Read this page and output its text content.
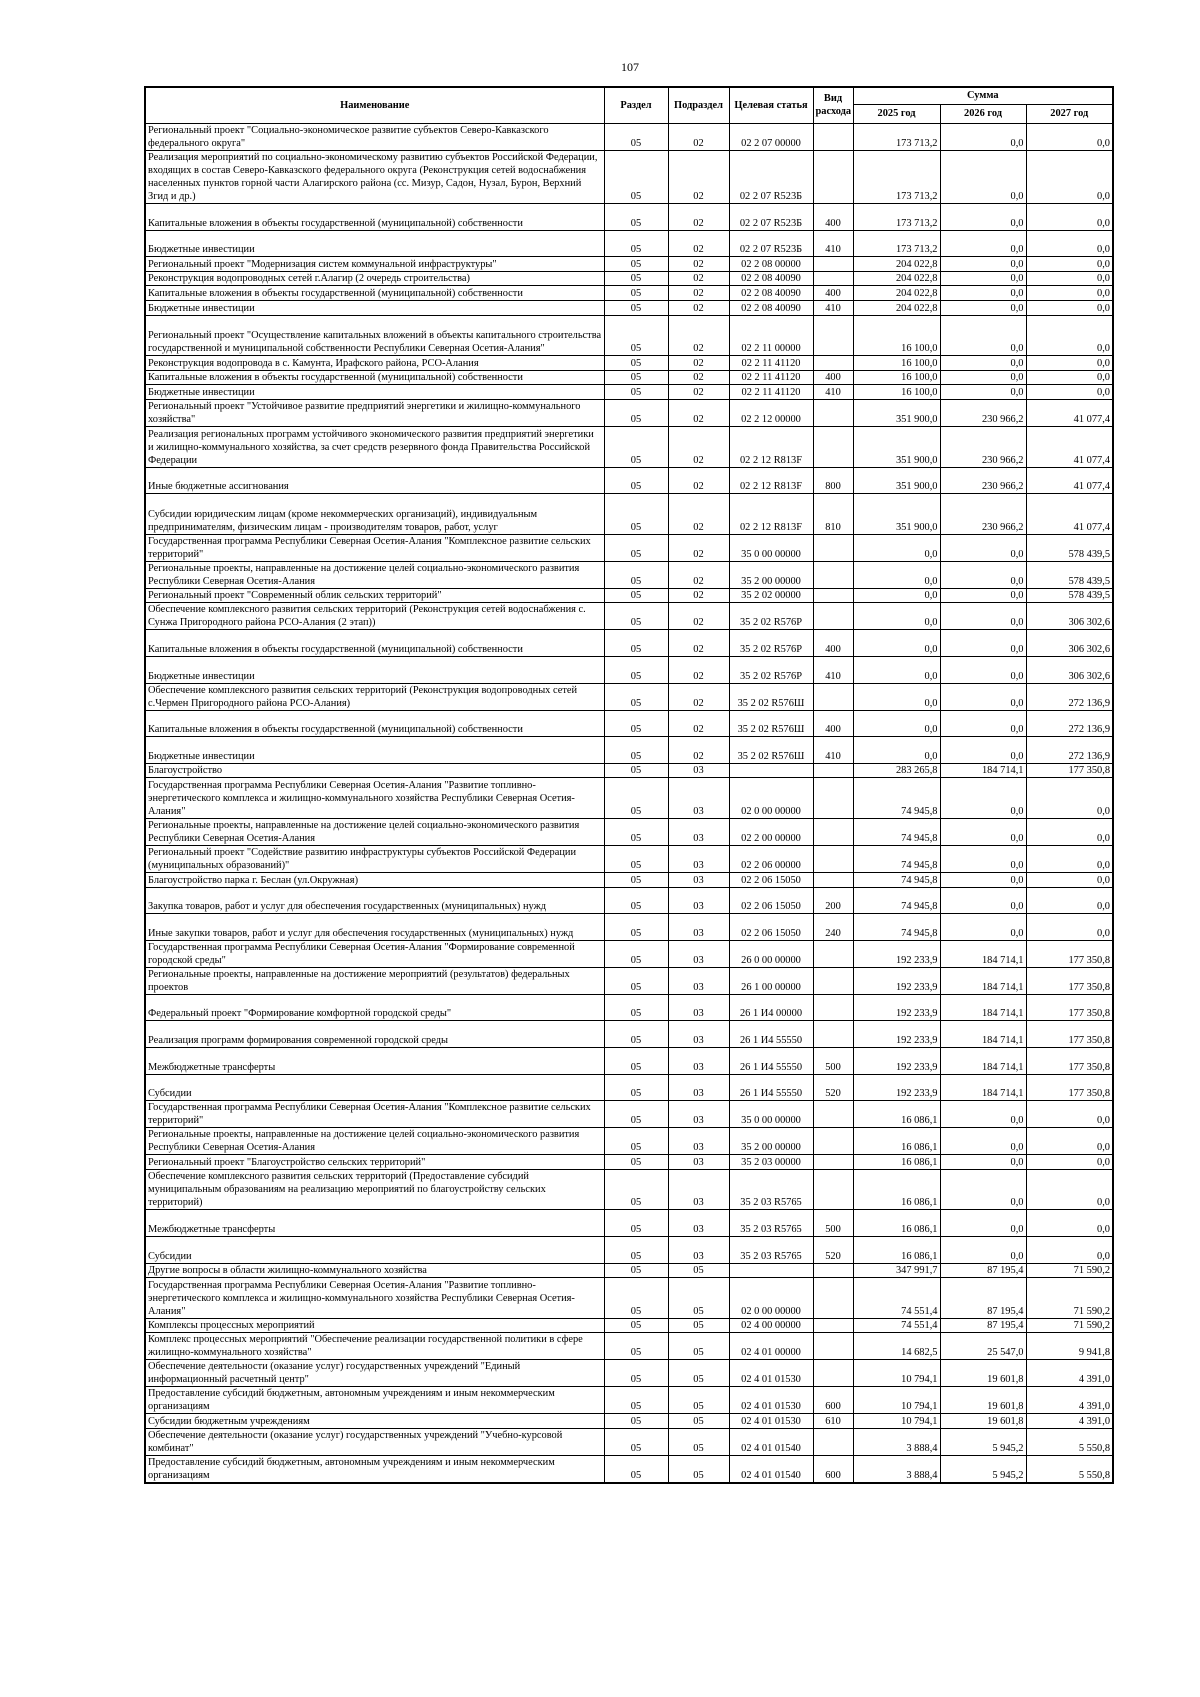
107
Наименование	Раздел	Подраздел	Целевая статья	Вид расхода	Сумма		
					2025 год	2026 год	2027 год
Региональный проект "Социально-экономическое развитие субъектов Северо-Кавказского федерального округа"	05	02	02 2 07 00000		173 713,2	0,0	0,0
Реализация мероприятий по социально-экономическому развитию субъектов Российской Федерации, входящих в состав Северо-Кавказского федерального округа (Реконструкция сетей водоснабжения населенных пунктов горной части Алагирского района (сс. Мизур, Садон, Нузал, Бурон, Верхний Згид и др.)	05	02	02 2 07 R523Б		173 713,2	0,0	0,0
Капитальные вложения в объекты государственной (муниципальной) собственности	05	02	02 2 07 R523Б	400	173 713,2	0,0	0,0
Бюджетные инвестиции	05	02	02 2 07 R523Б	410	173 713,2	0,0	0,0
Региональный проект "Модернизация систем коммунальной инфраструктуры"	05	02	02 2 08 00000		204 022,8	0,0	0,0
Реконструкция водопроводных сетей г.Алагир (2 очередь строительства)	05	02	02 2 08 40090		204 022,8	0,0	0,0
Капитальные вложения в объекты государственной (муниципальной) собственности	05	02	02 2 08 40090	400	204 022,8	0,0	0,0
Бюджетные инвестиции	05	02	02 2 08 40090	410	204 022,8	0,0	0,0
Региональный проект "Осуществление капитальных вложений в объекты капитального строительства государственной и муниципальной собственности Республики Северная Осетия-Алания"	05	02	02 2 11 00000		16 100,0	0,0	0,0
Реконструкция водопровода в с. Камунта, Ирафского района, РСО-Алания	05	02	02 2 11 41120		16 100,0	0,0	0,0
Капитальные вложения в объекты государственной (муниципальной) собственности	05	02	02 2 11 41120	400	16 100,0	0,0	0,0
Бюджетные инвестиции	05	02	02 2 11 41120	410	16 100,0	0,0	0,0
Региональный проект "Устойчивое развитие предприятий энергетики и жилищно-коммунального хозяйства"	05	02	02 2 12 00000		351 900,0	230 966,2	41 077,4
Реализация региональных программ устойчивого экономического развития предприятий энергетики и жилищно-коммунального хозяйства, за счет средств резервного фонда Правительства Российской Федерации	05	02	02 2 12 R813F		351 900,0	230 966,2	41 077,4
Иные бюджетные ассигнования	05	02	02 2 12 R813F	800	351 900,0	230 966,2	41 077,4
Субсидии юридическим лицам (кроме некоммерческих организаций), индивидуальным предпринимателям, физическим лицам - производителям товаров, работ, услуг	05	02	02 2 12 R813F	810	351 900,0	230 966,2	41 077,4
Государственная программа Республики Северная Осетия-Алания "Комплексное развитие сельских территорий"	05	02	35 0 00 00000		0,0	0,0	578 439,5
Региональные проекты, направленные на достижение целей социально-экономического развития Республики Северная Осетия-Алания	05	02	35 2 00 00000		0,0	0,0	578 439,5
Региональный проект "Современный облик сельских территорий"	05	02	35 2 02 00000		0,0	0,0	578 439,5
Обеспечение комплексного развития сельских территорий (Реконструкция сетей водоснабжения с. Сунжа Пригородного района РСО-Алания (2 этап))	05	02	35 2 02 R576P		0,0	0,0	306 302,6
Капитальные вложения в объекты государственной (муниципальной) собственности	05	02	35 2 02 R576P	400	0,0	0,0	306 302,6
Бюджетные инвестиции	05	02	35 2 02 R576P	410	0,0	0,0	306 302,6
Обеспечение комплексного развития сельских территорий (Реконструкция водопроводных сетей с.Чермен Пригородного района РСО-Алания)	05	02	35 2 02 R576Ш		0,0	0,0	272 136,9
Капитальные вложения в объекты государственной (муниципальной) собственности	05	02	35 2 02 R576Ш	400	0,0	0,0	272 136,9
Бюджетные инвестиции	05	02	35 2 02 R576Ш	410	0,0	0,0	272 136,9
Благоустройство	05	03			283 265,8	184 714,1	177 350,8
Государственная программа Республики Северная Осетия-Алания "Развитие топливно-энергетического комплекса и жилищно-коммунального хозяйства Республики Северная Осетия-Алания"	05	03	02 0 00 00000		74 945,8	0,0	0,0
Региональные проекты, направленные на достижение целей социально-экономического развития Республики Северная Осетия-Алания	05	03	02 2 00 00000		74 945,8	0,0	0,0
Региональный проект "Содействие развитию инфраструктуры субъектов Российской Федерации (муниципальных образований)"	05	03	02 2 06 00000		74 945,8	0,0	0,0
Благоустройство парка г. Беслан (ул.Окружная)	05	03	02 2 06 15050		74 945,8	0,0	0,0
Закупка товаров, работ и услуг для обеспечения государственных (муниципальных) нужд	05	03	02 2 06 15050	200	74 945,8	0,0	0,0
Иные закупки товаров, работ и услуг для обеспечения государственных (муниципальных) нужд	05	03	02 2 06 15050	240	74 945,8	0,0	0,0
Государственная программа Республики Северная Осетия-Алания "Формирование современной городской среды"	05	03	26 0 00 00000		192 233,9	184 714,1	177 350,8
Региональные проекты, направленные на достижение мероприятий (результатов) федеральных проектов	05	03	26 1 00 00000		192 233,9	184 714,1	177 350,8
Федеральный проект "Формирование комфортной городской среды"	05	03	26 1 И4 00000		192 233,9	184 714,1	177 350,8
Реализация программ формирования современной городской среды	05	03	26 1 И4 55550		192 233,9	184 714,1	177 350,8
Межбюджетные трансферты	05	03	26 1 И4 55550	500	192 233,9	184 714,1	177 350,8
Субсидии	05	03	26 1 И4 55550	520	192 233,9	184 714,1	177 350,8
Государственная программа Республики Северная Осетия-Алания "Комплексное развитие сельских территорий"	05	03	35 0 00 00000		16 086,1	0,0	0,0
Региональные проекты, направленные на достижение целей социально-экономического развития Республики Северная Осетия-Алания	05	03	35 2 00 00000		16 086,1	0,0	0,0
Региональный проект "Благоустройство сельских территорий"	05	03	35 2 03 00000		16 086,1	0,0	0,0
Обеспечение комплексного развития сельских территорий (Предоставление субсидий муниципальным образованиям на реализацию мероприятий по благоустройству сельских территорий)	05	03	35 2 03 R5765		16 086,1	0,0	0,0
Межбюджетные трансферты	05	03	35 2 03 R5765	500	16 086,1	0,0	0,0
Субсидии	05	03	35 2 03 R5765	520	16 086,1	0,0	0,0
Другие вопросы в области жилищно-коммунального хозяйства	05	05			347 991,7	87 195,4	71 590,2
Государственная программа Республики Северная Осетия-Алания "Развитие топливно-энергетического комплекса и жилищно-коммунального хозяйства Республики Северная Осетия-Алания"	05	05	02 0 00 00000		74 551,4	87 195,4	71 590,2
Комплексы процессных мероприятий	05	05	02 4 00 00000		74 551,4	87 195,4	71 590,2
Комплекс процессных мероприятий "Обеспечение реализации государственной политики в сфере жилищно-коммунального хозяйства"	05	05	02 4 01 00000		14 682,5	25 547,0	9 941,8
Обеспечение деятельности (оказание услуг) государственных учреждений "Единый информационный расчетный центр"	05	05	02 4 01 01530		10 794,1	19 601,8	4 391,0
Предоставление субсидий бюджетным, автономным учреждениям и иным некоммерческим организациям	05	05	02 4 01 01530	600	10 794,1	19 601,8	4 391,0
Субсидии бюджетным учреждениям	05	05	02 4 01 01530	610	10 794,1	19 601,8	4 391,0
Обеспечение деятельности (оказание услуг) государственных учреждений "Учебно-курсовой комбинат"	05	05	02 4 01 01540		3 888,4	5 945,2	5 550,8
Предоставление субсидий бюджетным, автономным учреждениям и иным некоммерческим организациям	05	05	02 4 01 01540	600	3 888,4	5 945,2	5 550,8
